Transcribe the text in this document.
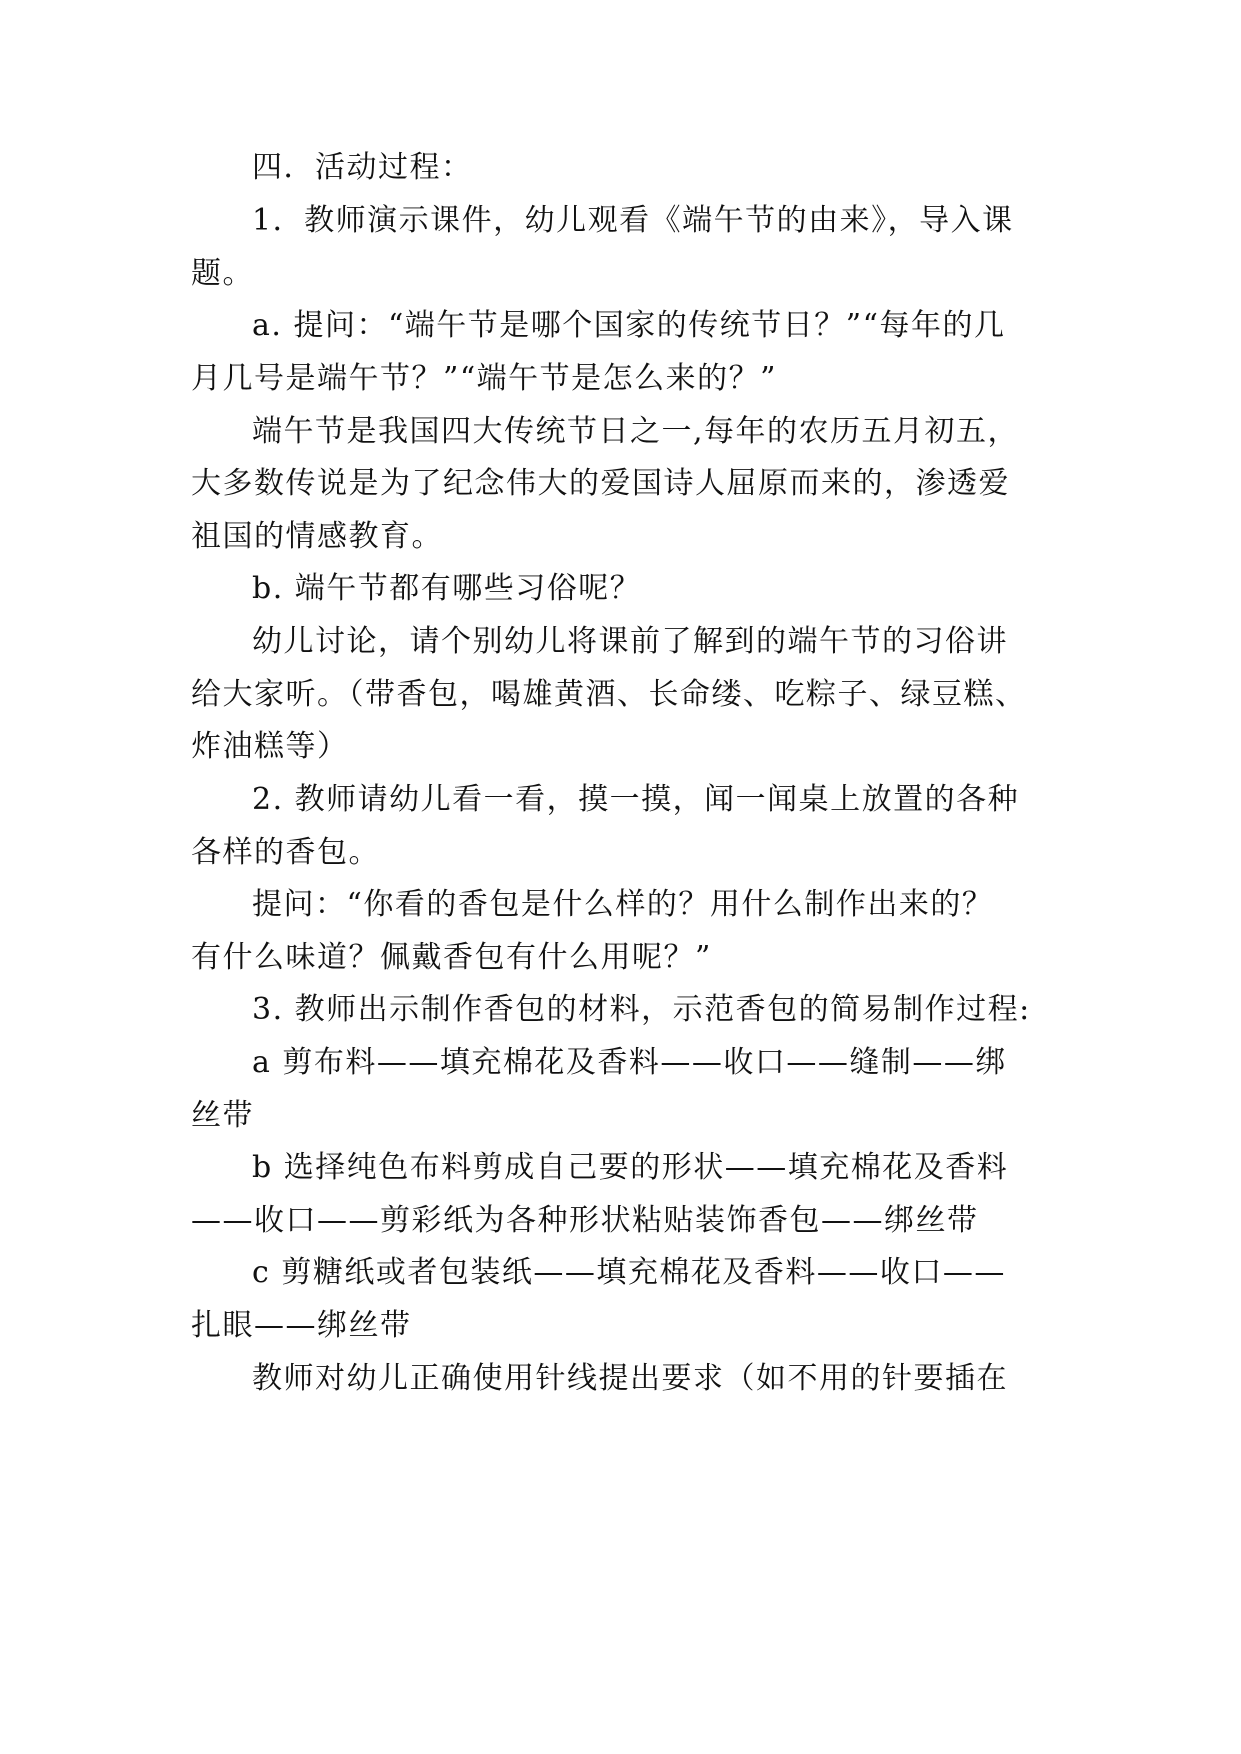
四．活动过程：
1．教师演示课件，幼儿观看《端午节的由来》，导入课
题。
a. 提问：“端午节是哪个国家的传统节日？”“每年的几
月几号是端午节？”“端午节是怎么来的？”
端午节是我国四大传统节日之一,每年的农历五月初五，
大多数传说是为了纪念伟大的爱国诗人屈原而来的，渗透爱
祖国的情感教育。
b. 端午节都有哪些习俗呢？
幼儿讨论，请个别幼儿将课前了解到的端午节的习俗讲
给大家听。（带香包，喝雄黄酒、长命缕、吃粽子、绿豆糕、
炸油糕等）
2. 教师请幼儿看一看，摸一摸，闻一闻桌上放置的各种
各样的香包。
提问：“你看的香包是什么样的？用什么制作出来的？
有什么味道？佩戴香包有什么用呢？”
3. 教师出示制作香包的材料，示范香包的简易制作过程:
a 剪布料——填充棉花及香料——收口——缝制——绑
丝带
b 选择纯色布料剪成自己要的形状——填充棉花及香料
——收口——剪彩纸为各种形状粘贴装饰香包——绑丝带
c 剪糖纸或者包装纸——填充棉花及香料——收口——
扎眼——绑丝带
教师对幼儿正确使用针线提出要求（如不用的针要插在
